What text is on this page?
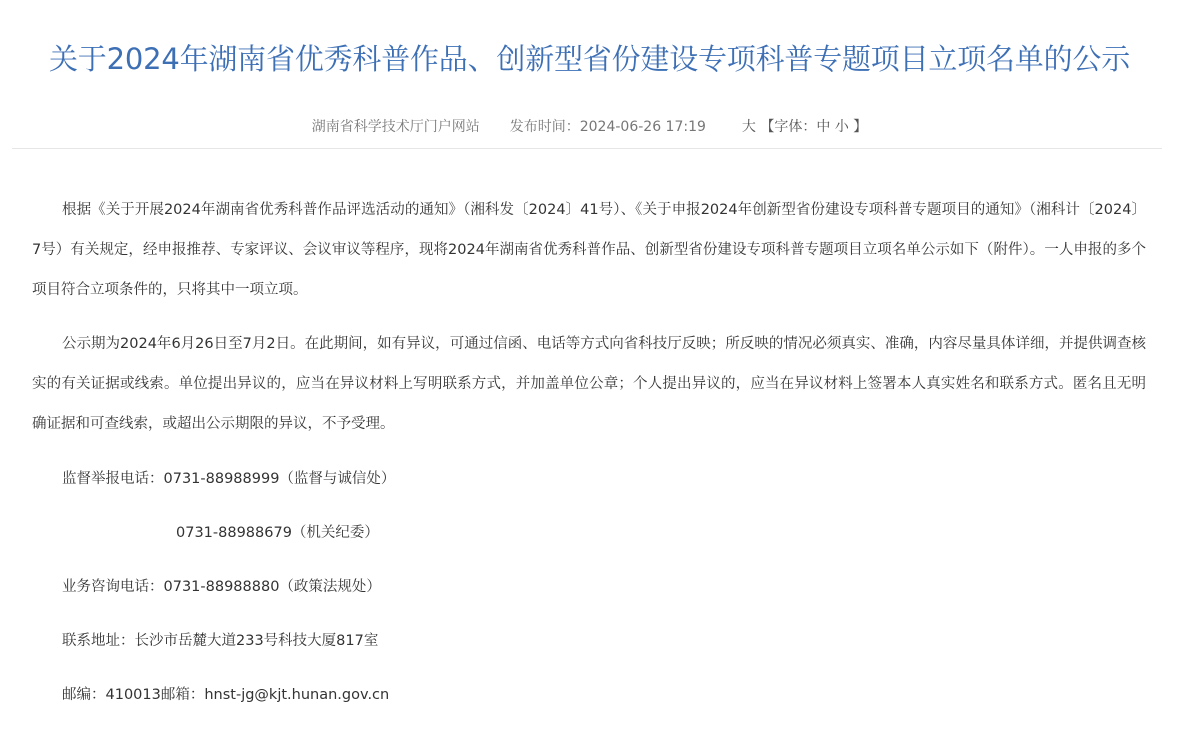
关于2024年湖南省优秀科普作品、创新型省份建设专项科普专题项目立项名单的公示
湖南省科学技术厅门户网站 发布时间：2024-06-26 17:19	大 【字体：中 小 】

根据《关于开展2024年湖南省优秀科普作品评选活动的通知》（湘科发〔2024〕41号）、《关于申报2024年创新型省份建设专项科普专题项目的通知》（湘科计〔2024〕7号）有关规定，经申报推荐、专家评议、会议审议等程序，现将2024年湖南省优秀科普作品、创新型省份建设专项科普专题项目立项名单公示如下（附件）。一人申报的多个项目符合立项条件的，只将其中一项立项。

公示期为2024年6月26日至7月2日。在此期间，如有异议，可通过信函、电话等方式向省科技厅反映；所反映的情况必须真实、准确，内容尽量具体详细，并提供调查核实的有关证据或线索。单位提出异议的，应当在异议材料上写明联系方式，并加盖单位公章；个人提出异议的，应当在异议材料上签署本人真实姓名和联系方式。匿名且无明确证据和可查线索，或超出公示期限的异议，不予受理。

监督举报电话：0731-88988999（监督与诚信处）

0731-88988679（机关纪委）

业务咨询电话：0731-88988880（政策法规处）

联系地址：长沙市岳麓大道233号科技大厦817室

邮编：410013邮箱：hnst-jg@kjt.hunan.gov.cn
